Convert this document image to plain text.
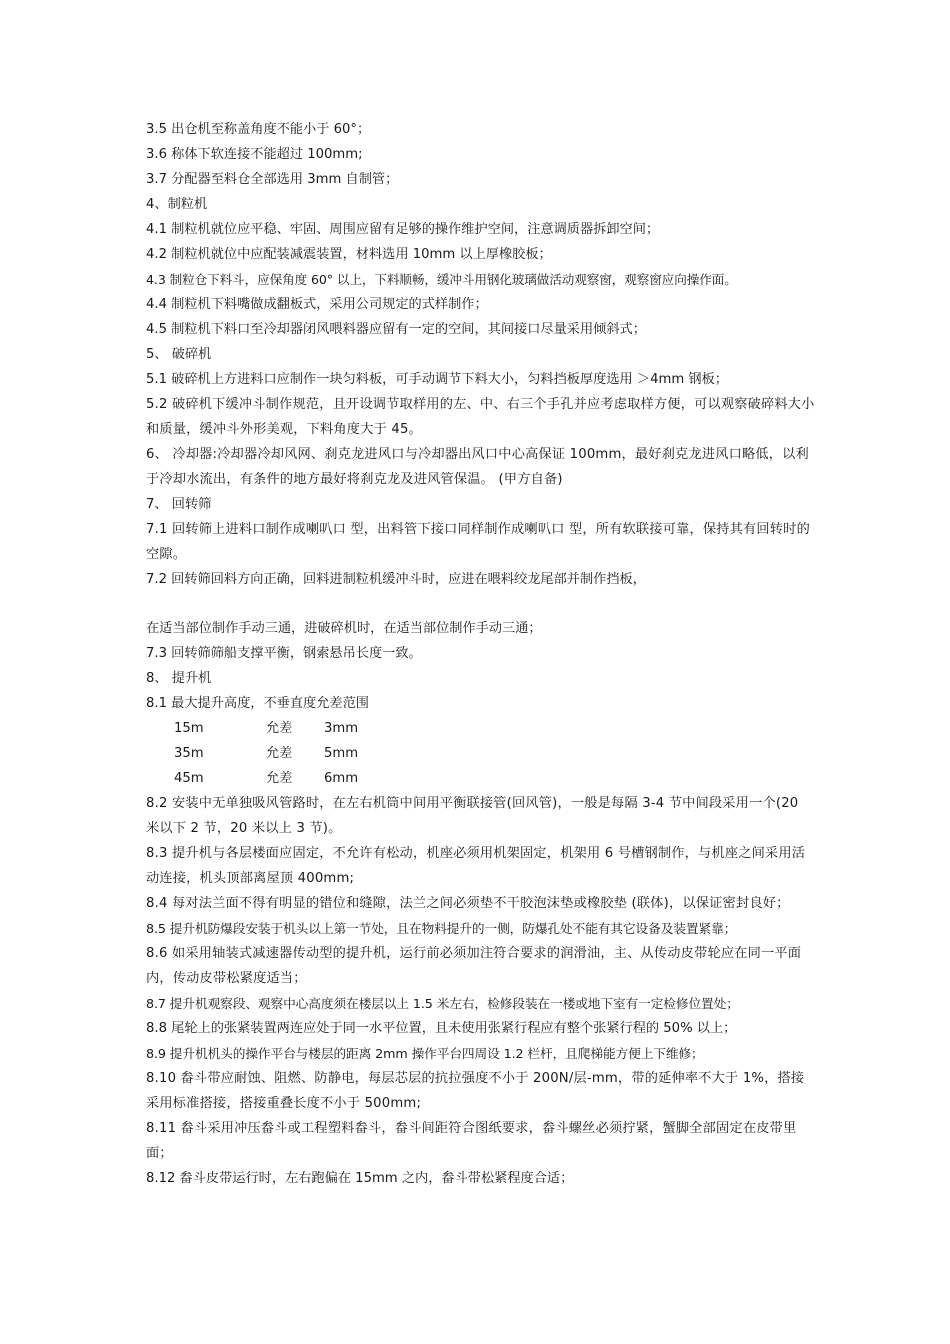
3.5 出仓机至称盖角度不能小于 60°；
3.6 称体下软连接不能超过 100mm;
3.7 分配器至料仓全部选用 3mm 自制管；
4、制粒机
4.1 制粒机就位应平稳、牢固、周围应留有足够的操作维护空间，注意调质器拆卸空间；
4.2 制粒机就位中应配装减震装置，材料选用 10mm 以上厚橡胶板；
4.3 制粒仓下料斗，应保角度 60° 以上，下料顺畅，缓冲斗用钢化玻璃做活动观察窗，观察窗应向操作面。
4.4 制粒机下料嘴做成翻板式，采用公司规定的式样制作；
4.5 制粒机下料口至冷却器闭风喂料器应留有一定的空间，其间接口尽量采用倾斜式；
5、 破碎机
5.1 破碎机上方进料口应制作一块匀料板，可手动调节下料大小，匀料挡板厚度选用 ＞4mm 钢板；
5.2 破碎机下缓冲斗制作规范，且开设调节取样用的左、中、右三个手孔并应考虑取样方便，可以观察破碎料大小和质量，缓冲斗外形美观，下料角度大于 45。
6、 冷却器:冷却器冷却风网、刹克龙进风口与冷却器出风口中心高保证 100mm，最好刹克龙进风口略低，以利于冷却水流出，有条件的地方最好将刹克龙及进风管保温。 (甲方自备)
7、 回转筛
7.1 回转筛上进料口制作成喇叭口 型，出料管下接口同样制作成喇叭口 型，所有软联接可靠，保持其有回转时的空隙。
7.2 回转筛回料方向正确，回料进制粒机缓冲斗时，应进在喂料绞龙尾部并制作挡板，
在适当部位制作手动三通，进破碎机时，在适当部位制作手动三通；
7.3 回转筛筛船支撑平衡，钢索悬吊长度一致。
8、 提升机
8.1 最大提升高度，不垂直度允差范围
15m	允差	3mm
35m	允差	5mm
45m	允差	6mm
8.2 安装中无单独吸风管路时，在左右机筒中间用平衡联接管(回风管)，一般是每隔 3-4 节中间段采用一个(20 米以下 2 节，20 米以上 3 节)。
8.3 提升机与各层楼面应固定，不允许有松动，机座必须用机架固定，机架用 6 号槽钢制作，与机座之间采用活动连接，机头顶部离屋顶 400mm;
8.4 每对法兰面不得有明显的错位和缝隙，法兰之间必须垫不干胶泡沫垫或橡胶垫 (联体)，以保证密封良好；
8.5 提升机防爆段安装于机头以上第一节处，且在物料提升的一侧，防爆孔处不能有其它设备及装置紧靠；
8.6 如采用轴装式减速器传动型的提升机，运行前必须加注符合要求的润滑油，主、从传动皮带轮应在同一平面内，传动皮带松紧度适当；
8.7 提升机观察段、观察中心高度须在楼层以上 1.5 米左右，检修段装在一楼或地下室有一定检修位置处；
8.8 尾轮上的张紧装置两连应处于同一水平位置，且未使用张紧行程应有整个张紧行程的 50% 以上；
8.9 提升机机头的操作平台与楼层的距离 2mm 操作平台四周设 1.2 栏杆，且爬梯能方便上下维修；
8.10 畚斗带应耐蚀、阻燃、防静电，每层芯层的抗拉强度不小于 200N/层-mm，带的延伸率不大于 1%，搭接采用标准搭接，搭接重叠长度不小于 500mm;
8.11 畚斗采用冲压畚斗或工程塑料畚斗，畚斗间距符合图纸要求，畚斗螺丝必须拧紧，蟹脚全部固定在皮带里面；
8.12 畚斗皮带运行时，左右跑偏在 15mm 之内，畚斗带松紧程度合适；
